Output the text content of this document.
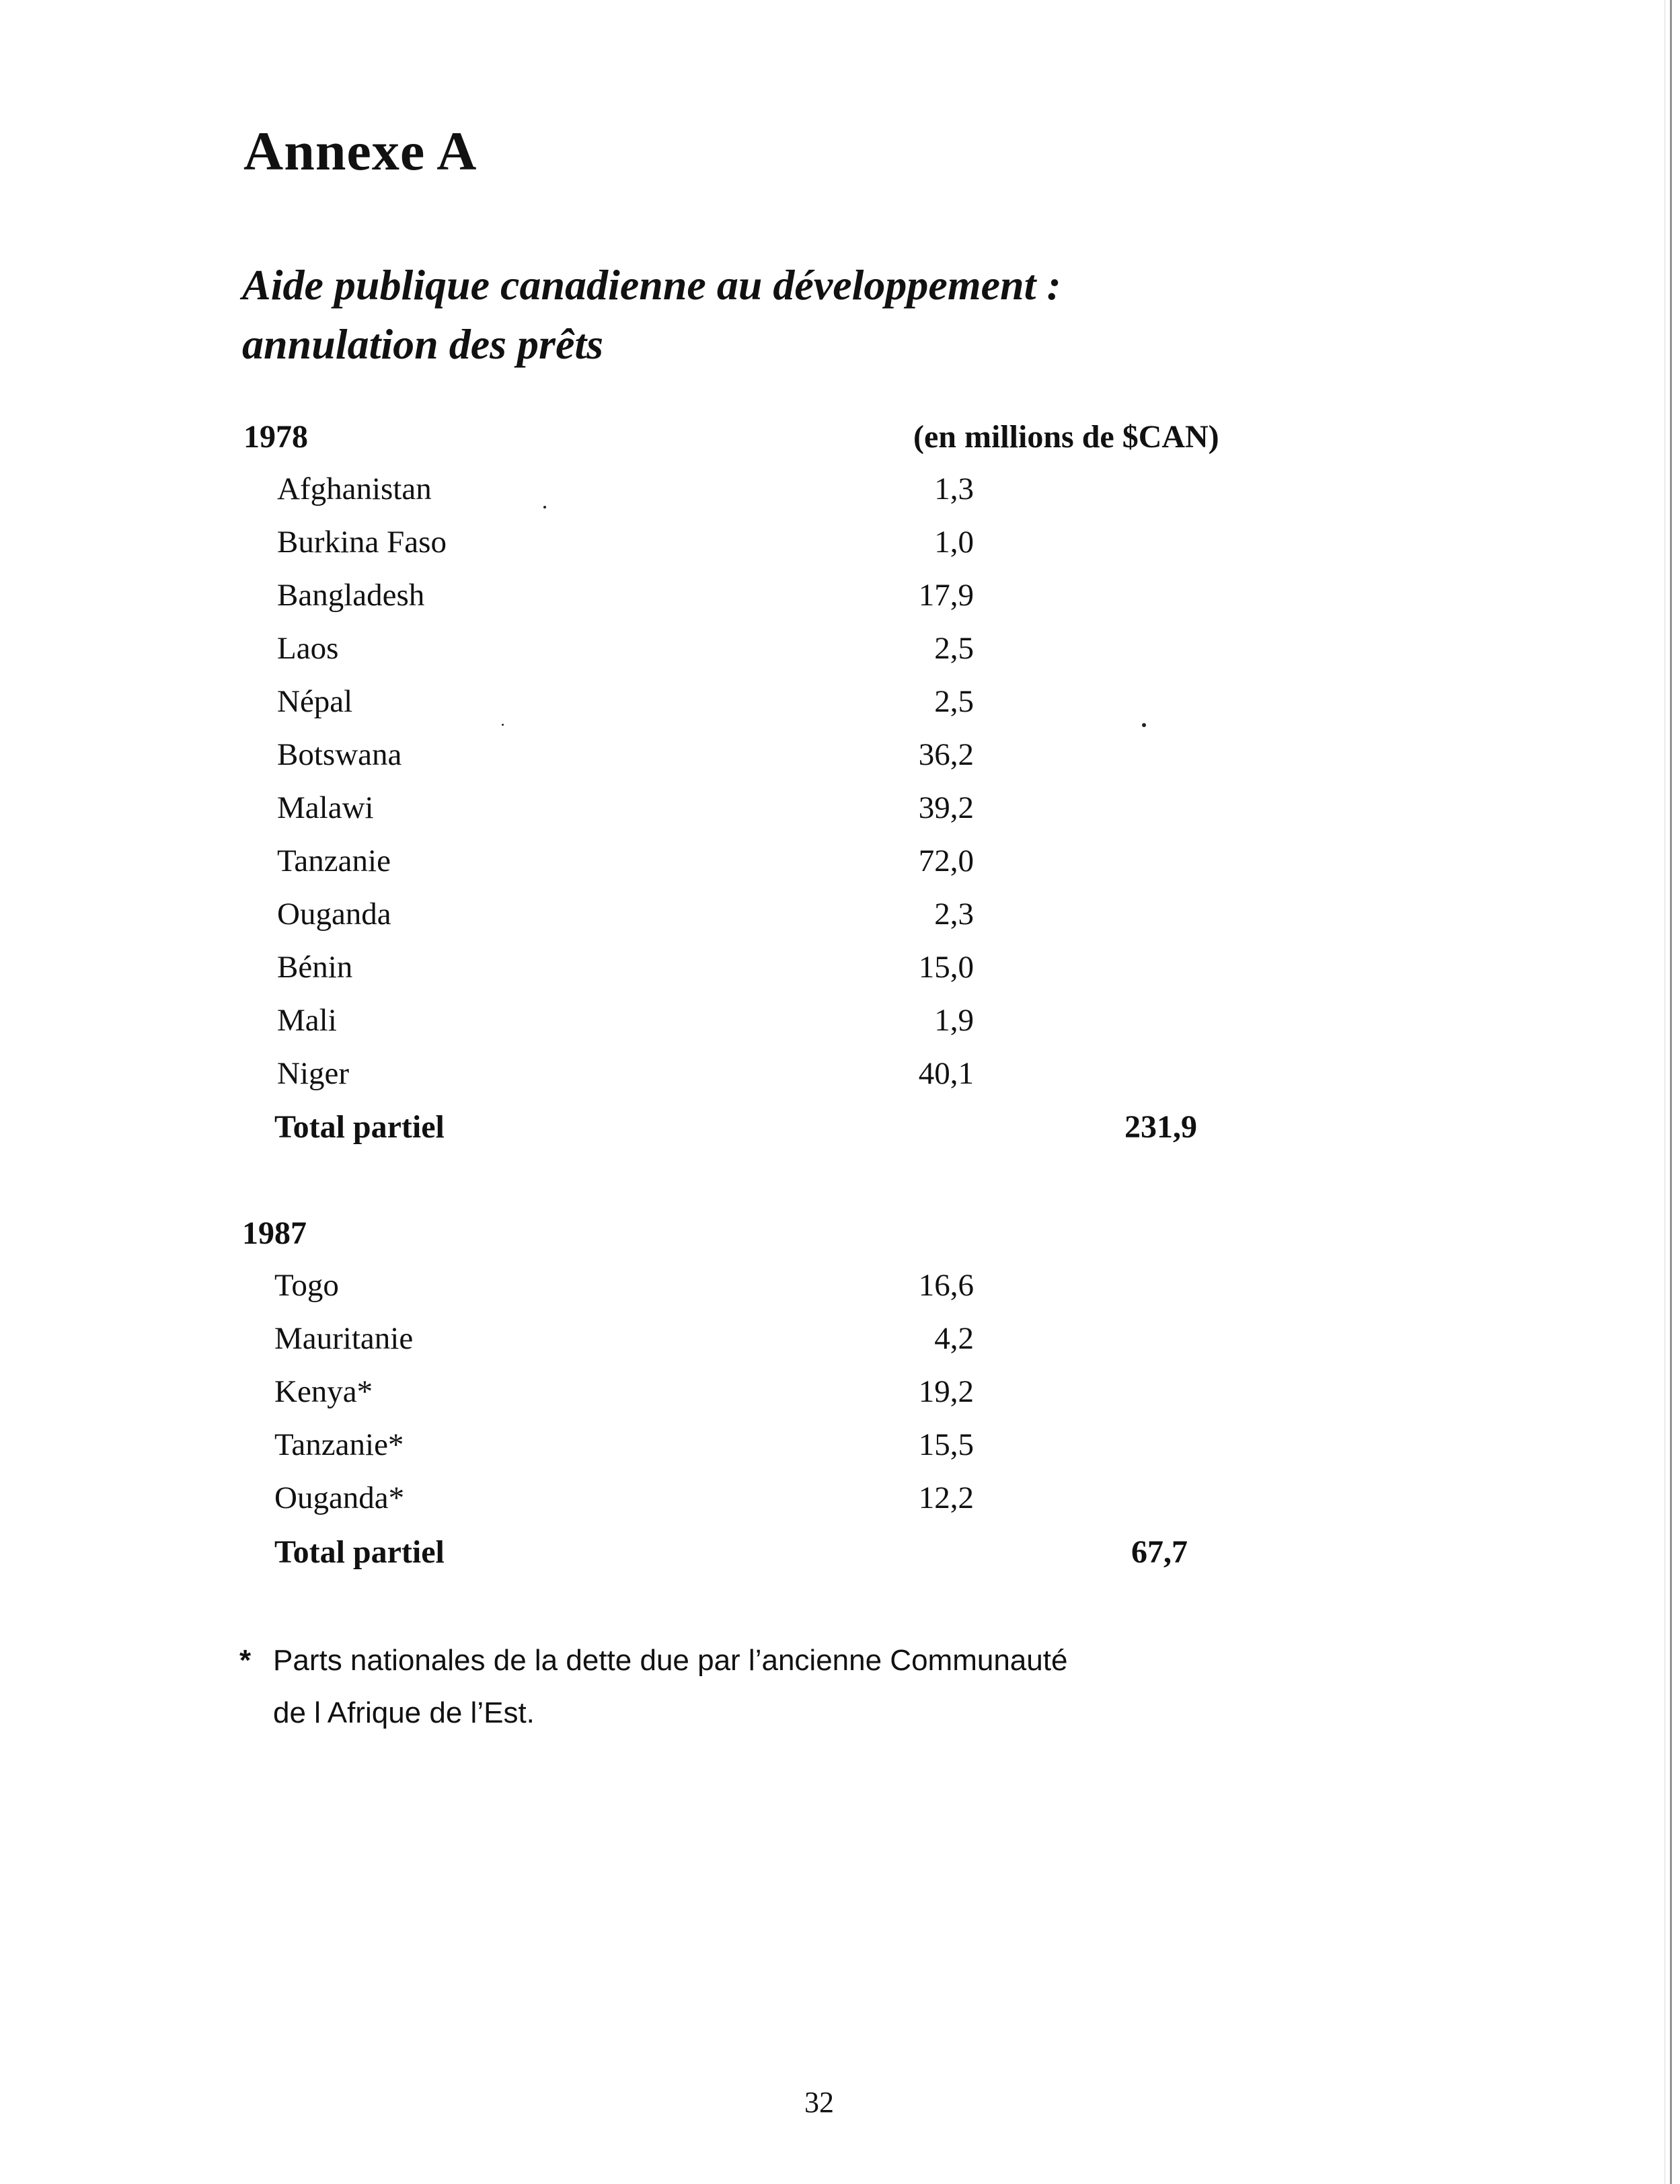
Annexe A
Aide publique canadienne au développement :
annulation des prêts
1978	(en millions de $CAN)
Afghanistan	1,3
Burkina Faso	1,0
Bangladesh	17,9
Laos	2,5
Népal	2,5
Botswana	36,2
Malawi	39,2
Tanzanie	72,0
Ouganda	2,3
Bénin	15,0
Mali	1,9
Niger	40,1
Total partiel	231,9
1987
Togo	16,6
Mauritanie	4,2
Kenya*	19,2
Tanzanie*	15,5
Ouganda*	12,2
Total partiel	67,7
* Parts nationales de la dette due par l’ancienne Communauté
de l Afrique de l’Est.
32
